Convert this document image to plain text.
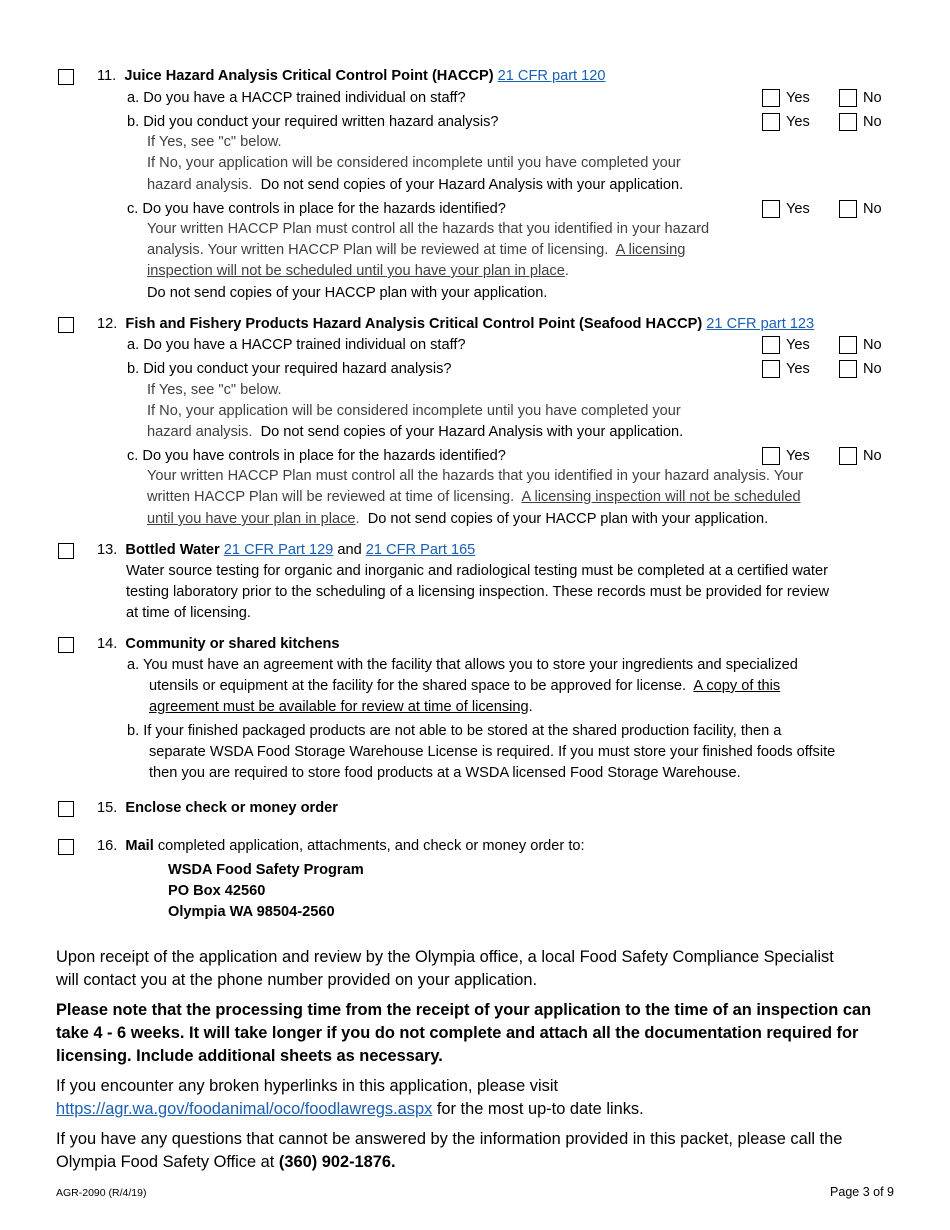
11. Juice Hazard Analysis Critical Control Point (HACCP) 21 CFR part 120
a. Do you have a HACCP trained individual on staff?	Yes	No
b. Did you conduct your required written hazard analysis?	Yes	No
If Yes, see "c" below.
If No, your application will be considered incomplete until you have completed your
hazard analysis. Do not send copies of your Hazard Analysis with your application.
c. Do you have controls in place for the hazards identified?	Yes	No
Your written HACCP Plan must control all the hazards that you identified in your hazard
analysis. Your written HACCP Plan will be reviewed at time of licensing. A licensing
inspection will not be scheduled until you have your plan in place.
Do not send copies of your HACCP plan with your application.
12. Fish and Fishery Products Hazard Analysis Critical Control Point (Seafood HACCP) 21 CFR part 123
a. Do you have a HACCP trained individual on staff?	Yes	No
b. Did you conduct your required hazard analysis?	Yes	No
If Yes, see "c" below.
If No, your application will be considered incomplete until you have completed your
hazard analysis. Do not send copies of your Hazard Analysis with your application.
c. Do you have controls in place for the hazards identified?	Yes	No
Your written HACCP Plan must control all the hazards that you identified in your hazard analysis. Your
written HACCP Plan will be reviewed at time of licensing. A licensing inspection will not be scheduled
until you have your plan in place. Do not send copies of your HACCP plan with your application.
13. Bottled Water 21 CFR Part 129 and 21 CFR Part 165
Water source testing for organic and inorganic and radiological testing must be completed at a certified water
testing laboratory prior to the scheduling of a licensing inspection. These records must be provided for review
at time of licensing.
14. Community or shared kitchens
a. You must have an agreement with the facility that allows you to store your ingredients and specialized
utensils or equipment at the facility for the shared space to be approved for license. A copy of this
agreement must be available for review at time of licensing.
b. If your finished packaged products are not able to be stored at the shared production facility, then a
separate WSDA Food Storage Warehouse License is required. If you must store your finished foods offsite
then you are required to store food products at a WSDA licensed Food Storage Warehouse.
15. Enclose check or money order
16. Mail completed application, attachments, and check or money order to:
WSDA Food Safety Program
PO Box 42560
Olympia WA 98504-2560
Upon receipt of the application and review by the Olympia office, a local Food Safety Compliance Specialist
will contact you at the phone number provided on your application.
Please note that the processing time from the receipt of your application to the time of an inspection can
take 4 - 6 weeks. It will take longer if you do not complete and attach all the documentation required for
licensing. Include additional sheets as necessary.
If you encounter any broken hyperlinks in this application, please visit
https://agr.wa.gov/foodanimal/oco/foodlawregs.aspx for the most up-to date links.
If you have any questions that cannot be answered by the information provided in this packet, please call the
Olympia Food Safety Office at (360) 902-1876.
AGR-2090 (R/4/19)	Page 3 of 9
